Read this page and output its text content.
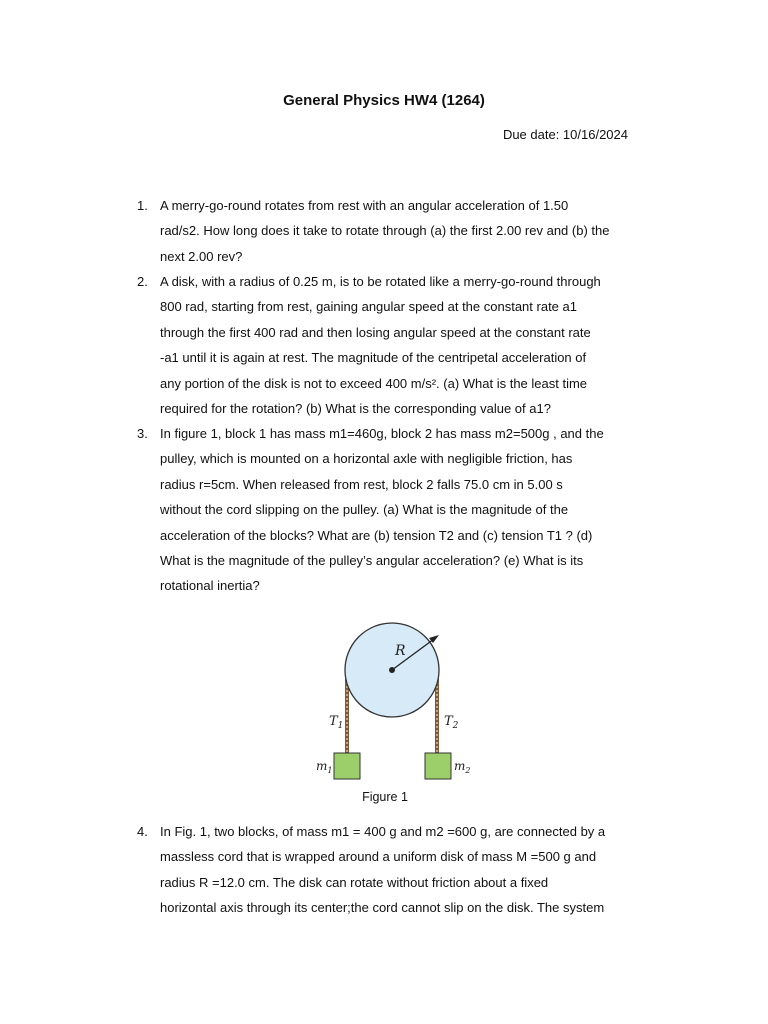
General Physics HW4 (1264)
Due date: 10/16/2024
1. A merry-go-round rotates from rest with an angular acceleration of 1.50
rad/s2. How long does it take to rotate through (a) the first 2.00 rev and (b) the
next 2.00 rev?
2. A disk, with a radius of 0.25 m, is to be rotated like a merry-go-round through
800 rad, starting from rest, gaining angular speed at the constant rate a1
through the first 400 rad and then losing angular speed at the constant rate
-a1 until it is again at rest. The magnitude of the centripetal acceleration of
any portion of the disk is not to exceed 400 m/s². (a) What is the least time
required for the rotation? (b) What is the corresponding value of a1?
3. In figure 1, block 1 has mass m1=460g, block 2 has mass m2=500g , and the
pulley, which is mounted on a horizontal axle with negligible friction, has
radius r=5cm. When released from rest, block 2 falls 75.0 cm in 5.00 s
without the cord slipping on the pulley. (a) What is the magnitude of the
acceleration of the blocks? What are (b) tension T2 and (c) tension T1 ? (d)
What is the magnitude of the pulley’s angular acceleration? (e) What is its
rotational inertia?
R
$T_1$	$T_2$
$m_1$	$m_2$
Figure 1
4. In Fig. 1, two blocks, of mass m1 = 400 g and m2 =600 g, are connected by a
massless cord that is wrapped around a uniform disk of mass M =500 g and
radius R =12.0 cm. The disk can rotate without friction about a fixed
horizontal axis through its center;the cord cannot slip on the disk. The system
